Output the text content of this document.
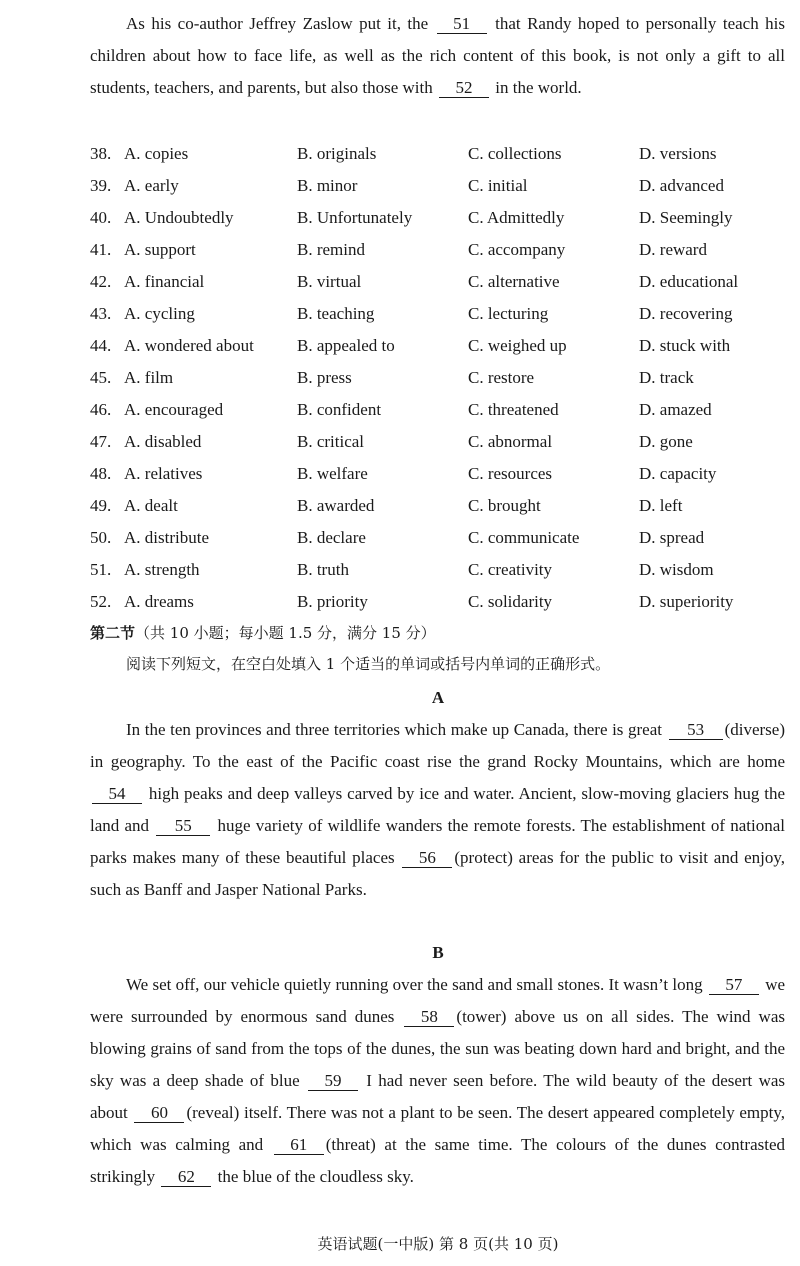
As his co-author Jeffrey Zaslow put it, the 51 that Randy hoped to personally teach his children about how to face life, as well as the rich content of this book, is not only a gift to all students, teachers, and parents, but also those with 52 in the world.

38. A. copies	B. originals	C. collections	D. versions
39. A. early	B. minor	C. initial	D. advanced
40. A. Undoubtedly	B. Unfortunately	C. Admittedly	D. Seemingly
41. A. support	B. remind	C. accompany	D. reward
42. A. financial	B. virtual	C. alternative	D. educational
43. A. cycling	B. teaching	C. lecturing	D. recovering
44. A. wondered about	B. appealed to	C. weighed up	D. stuck with
45. A. film	B. press	C. restore	D. track
46. A. encouraged	B. confident	C. threatened	D. amazed
47. A. disabled	B. critical	C. abnormal	D. gone
48. A. relatives	B. welfare	C. resources	D. capacity
49. A. dealt	B. awarded	C. brought	D. left
50. A. distribute	B. declare	C. communicate	D. spread
51. A. strength	B. truth	C. creativity	D. wisdom
52. A. dreams	B. priority	C. solidarity	D. superiority
第二节（共 10 小题；每小题 1.5 分，满分 15 分）
阅读下列短文，在空白处填入 1 个适当的单词或括号内单词的正确形式。
A

In the ten provinces and three territories which make up Canada, there is great 53 (diverse) in geography. To the east of the Pacific coast rise the grand Rocky Mountains, which are home 54 high peaks and deep valleys carved by ice and water. Ancient, slow-moving glaciers hug the land and 55 huge variety of wildlife wanders the remote forests. The establishment of national parks makes many of these beautiful places 56 (protect) areas for the public to visit and enjoy, such as Banff and Jasper National Parks.

B

We set off, our vehicle quietly running over the sand and small stones. It wasn’t long 57 we were surrounded by enormous sand dunes 58 (tower) above us on all sides. The wind was blowing grains of sand from the tops of the dunes, the sun was beating down hard and bright, and the sky was a deep shade of blue 59 I had never seen before. The wild beauty of the desert was about 60 (reveal) itself. There was not a plant to be seen. The desert appeared completely empty, which was calming and 61 (threat) at the same time. The colours of the dunes contrasted strikingly 62 the blue of the cloudless sky.

英语试题(一中版) 第 8 页(共 10 页)
